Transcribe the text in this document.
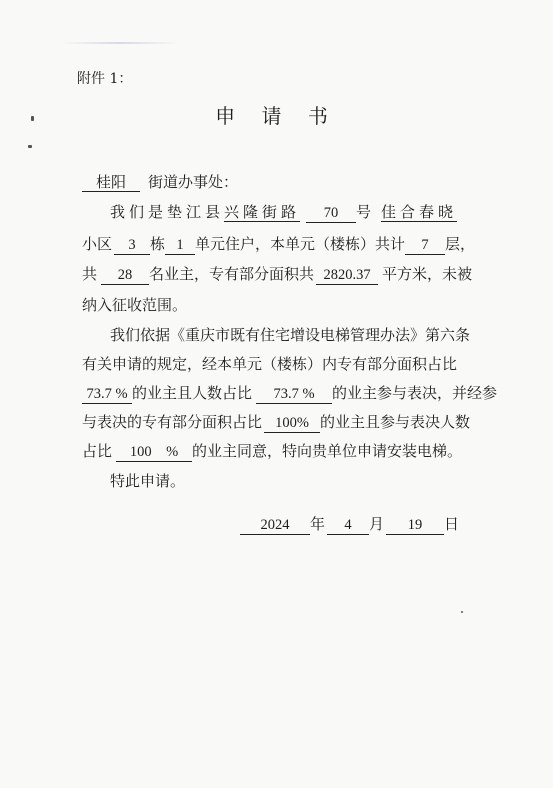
附件 1：
申 请 书
桂阳 街道办事处：
我们是垫江县兴隆街路 70 号 佳合春晓
小区 3 栋 1 单元住户，本单元（楼栋）共计 7 层，
共 28 名业主，专有部分面积共 2820.37 平方米，未被
纳入征收范围。
我们依据《重庆市既有住宅增设电梯管理办法》第六条
有关申请的规定，经本单元（楼栋）内专有部分面积占比
73.7 % 的业主且人数占比 73.7 % 的业主参与表决，并经参
与表决的专有部分面积占比 100% 的业主且参与表决人数
占比 100　% 的业主同意，特向贵单位申请安装电梯。
特此申请。
2024 年 4 月 19 日
